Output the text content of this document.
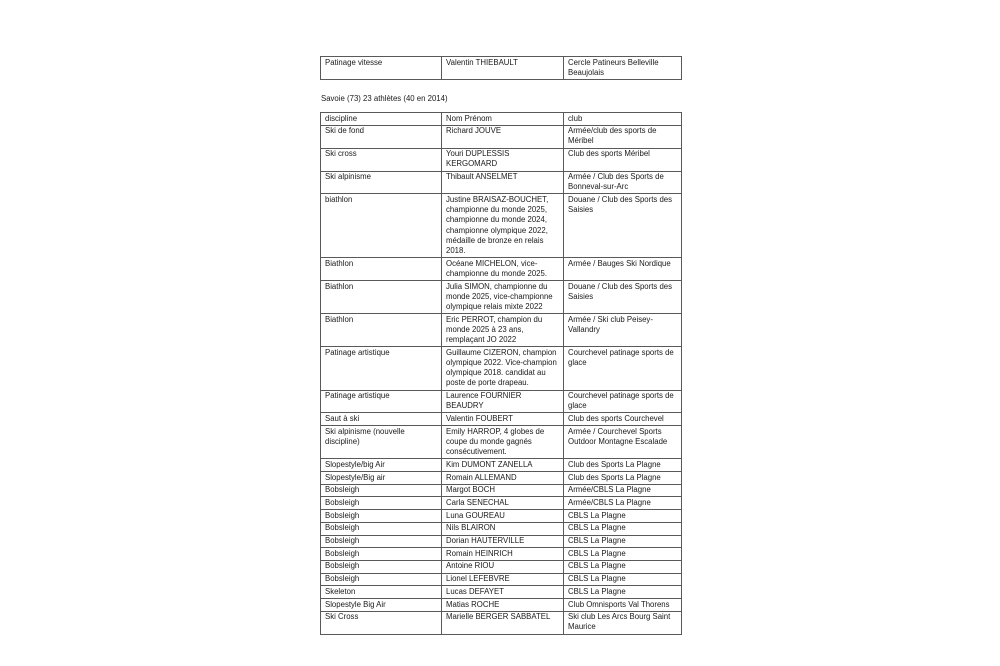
Patinage vitesse	Valentin THIEBAULT	Cercle Patineurs Belleville Beaujolais
Savoie (73) 23 athlètes (40 en 2014)
discipline	Nom Prénom	club
Ski de fond	Richard JOUVE	Armée/club des sports de Méribel
Ski cross	Youri DUPLESSIS KERGOMARD	Club des sports Méribel
Ski alpinisme	Thibault ANSELMET	Armée / Club des Sports de Bonneval-sur-Arc
biathlon	Justine BRAISAZ-BOUCHET, championne du monde 2025, championne du monde 2024, championne olympique 2022, médaille de bronze en relais 2018.	Douane / Club des Sports des Saisies
Biathlon	Océane MICHELON, vice-championne du monde 2025.	Armée / Bauges Ski Nordique
Biathlon	Julia SIMON, championne du monde 2025, vice-championne olympique relais mixte 2022	Douane / Club des Sports des Saisies
Biathlon	Eric PERROT, champion du monde 2025 à 23 ans, remplaçant JO 2022	Armée / Ski club Peisey-Vallandry
Patinage artistique	Guillaume CIZERON, champion olympique 2022. Vice-champion olympique 2018. candidat au poste de porte drapeau.	Courchevel patinage sports de glace
Patinage artistique	Laurence FOURNIER BEAUDRY	Courchevel patinage sports de glace
Saut à ski	Valentin FOUBERT	Club des sports Courchevel
Ski alpinisme (nouvelle discipline)	Emily HARROP, 4 globes de coupe du monde gagnés consécutivement.	Armée / Courchevel Sports Outdoor Montagne Escalade
Slopestyle/big Air	Kim DUMONT ZANELLA	Club des Sports La Plagne
Slopestyle/Big air	Romain ALLEMAND	Club des Sports La Plagne
Bobsleigh	Margot BOCH	Armée/CBLS La Plagne
Bobsleigh	Carla SENECHAL	Armée/CBLS La Plagne
Bobsleigh	Luna GOUREAU	CBLS La Plagne
Bobsleigh	Nils BLAIRON	CBLS La Plagne
Bobsleigh	Dorian HAUTERVILLE	CBLS La Plagne
Bobsleigh	Romain HEINRICH	CBLS La Plagne
Bobsleigh	Antoine RIOU	CBLS La Plagne
Bobsleigh	Lionel LEFEBVRE	CBLS La Plagne
Skeleton	Lucas DEFAYET	CBLS La Plagne
Slopestyle Big Air	Matias ROCHE	Club Omnisports Val Thorens
Ski Cross	Marielle BERGER SABBATEL	Ski club Les Arcs Bourg Saint Maurice
